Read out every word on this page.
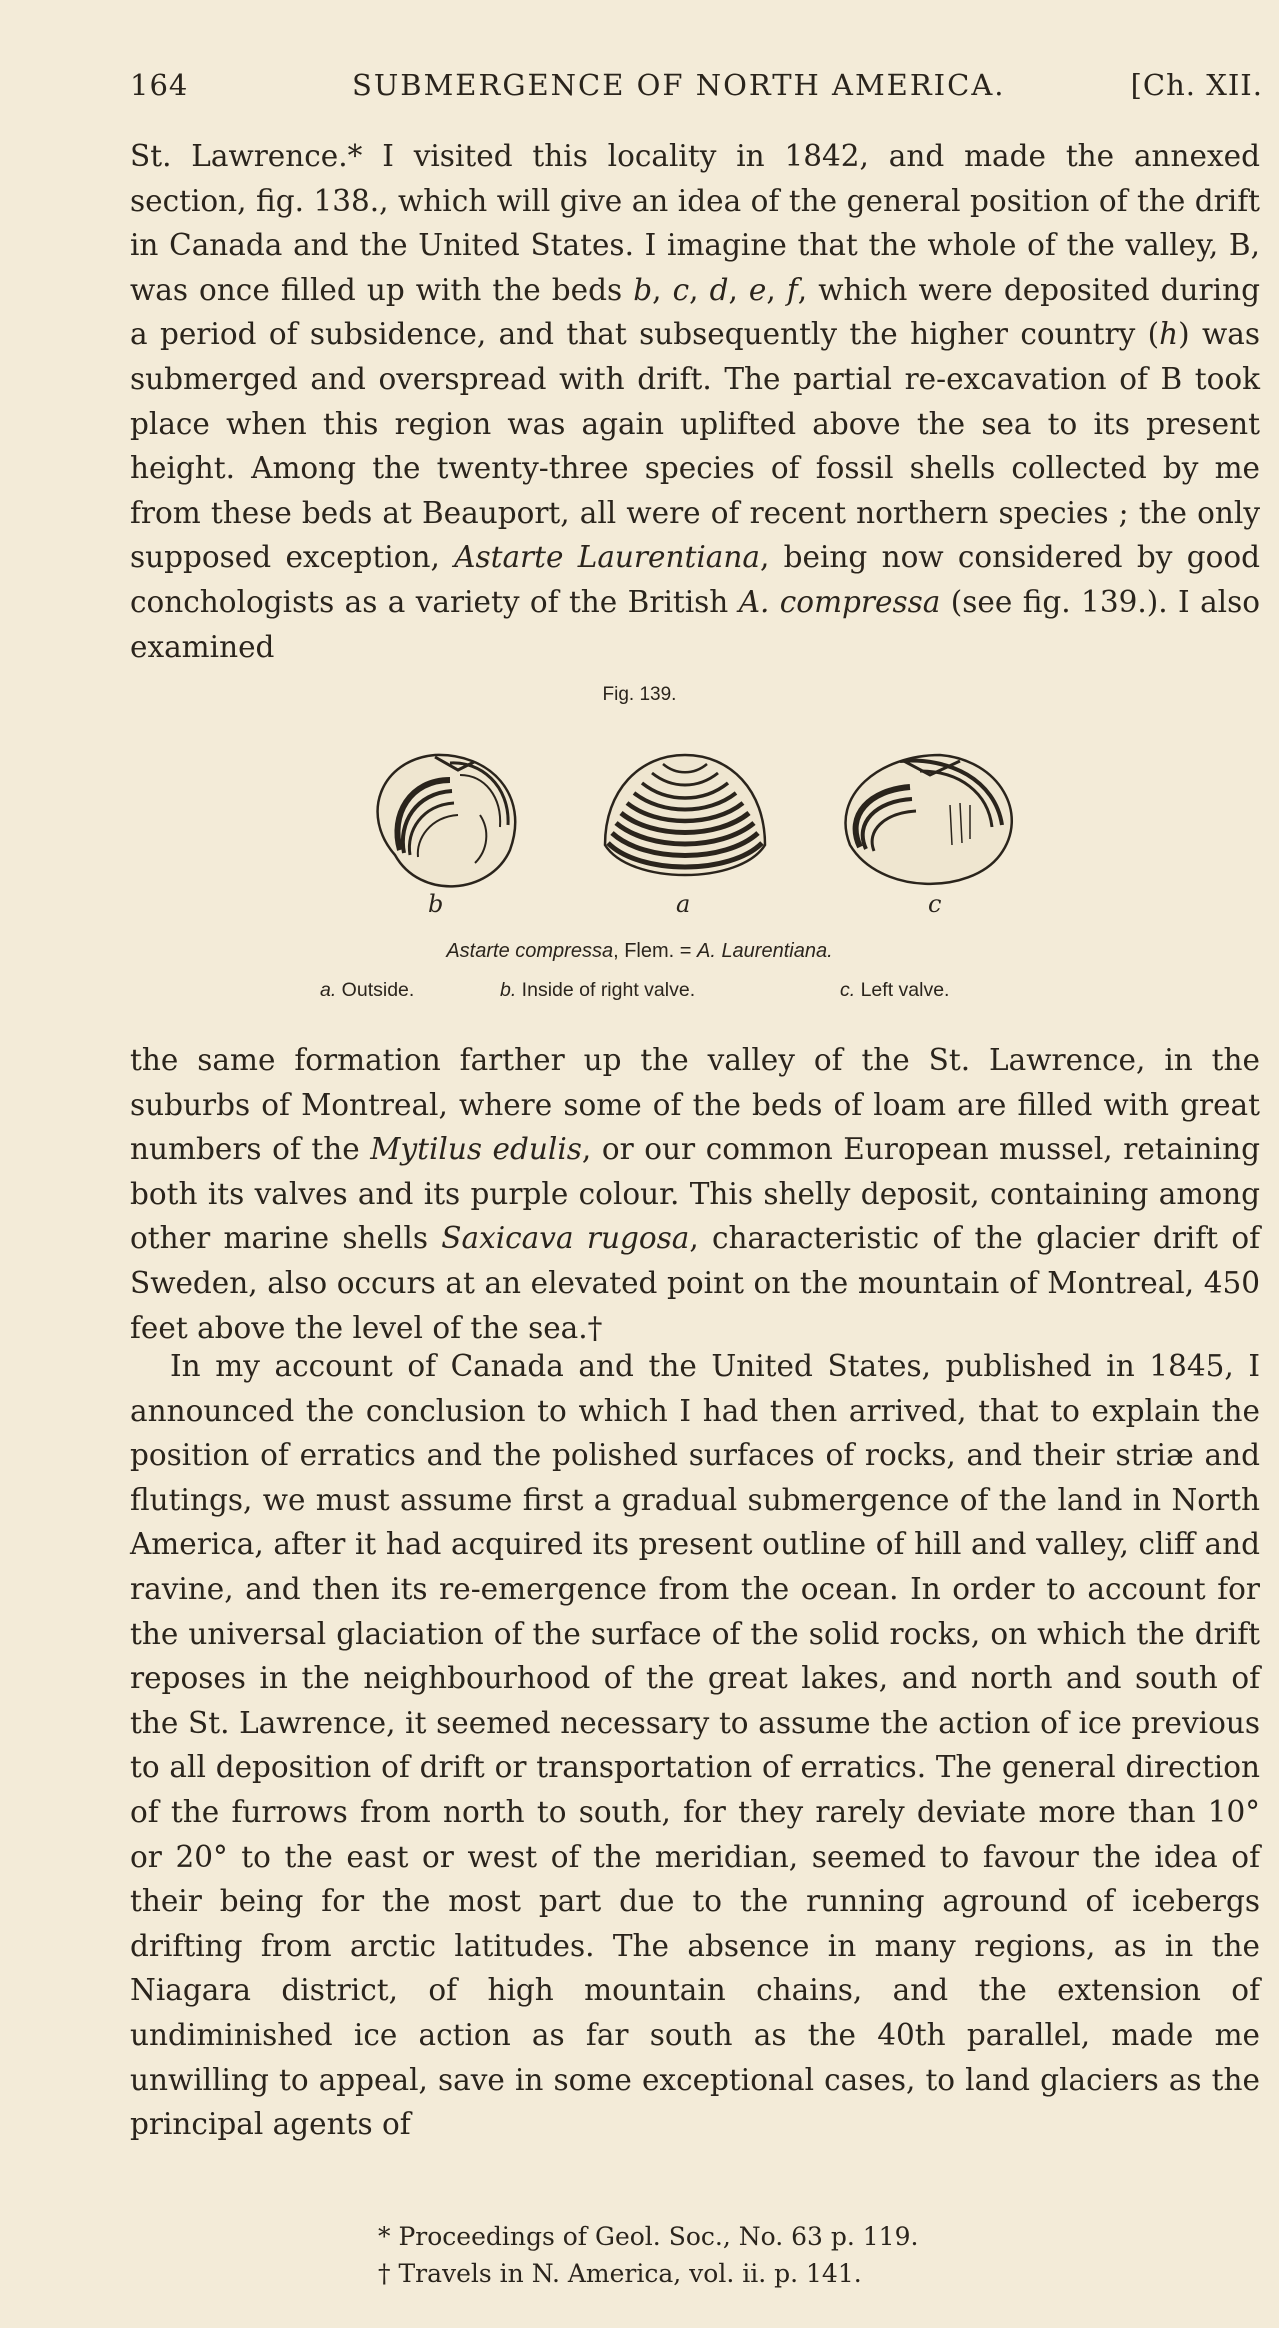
164	SUBMERGENCE OF NORTH AMERICA.	[Ch. XII.

St. Lawrence.* I visited this locality in 1842, and made the annexed section, fig. 138., which will give an idea of the general position of the drift in Canada and the United States. I imagine that the whole of the valley, B, was once filled up with the beds b, c, d, e, f, which were deposited during a period of subsidence, and that subsequently the higher country (h) was submerged and overspread with drift. The partial re-excavation of B took place when this region was again uplifted above the sea to its present height. Among the twenty-three species of fossil shells collected by me from these beds at Beauport, all were of recent northern species ; the only supposed exception, Astarte Laurentiana, being now considered by good conchologists as a variety of the British A. compressa (see fig. 139.). I also examined

Fig. 139.
b	a	c
Astarte compressa, Flem. = A. Laurentiana.
a. Outside.	b. Inside of right valve.	c. Left valve.

the same formation farther up the valley of the St. Lawrence, in the suburbs of Montreal, where some of the beds of loam are filled with great numbers of the Mytilus edulis, or our common European mussel, retaining both its valves and its purple colour. This shelly deposit, containing among other marine shells Saxicava rugosa, characteristic of the glacier drift of Sweden, also occurs at an elevated point on the mountain of Montreal, 450 feet above the level of the sea.†

In my account of Canada and the United States, published in 1845, I announced the conclusion to which I had then arrived, that to explain the position of erratics and the polished surfaces of rocks, and their striæ and flutings, we must assume first a gradual submergence of the land in North America, after it had acquired its present outline of hill and valley, cliff and ravine, and then its re-emergence from the ocean. In order to account for the universal glaciation of the surface of the solid rocks, on which the drift reposes in the neighbourhood of the great lakes, and north and south of the St. Lawrence, it seemed necessary to assume the action of ice previous to all deposition of drift or transportation of erratics. The general direction of the furrows from north to south, for they rarely deviate more than 10° or 20° to the east or west of the meridian, seemed to favour the idea of their being for the most part due to the running aground of icebergs drifting from arctic latitudes. The absence in many regions, as in the Niagara district, of high mountain chains, and the extension of undiminished ice action as far south as the 40th parallel, made me unwilling to appeal, save in some exceptional cases, to land glaciers as the principal agents of

* Proceedings of Geol. Soc., No. 63 p. 119.
† Travels in N. America, vol. ii. p. 141.
